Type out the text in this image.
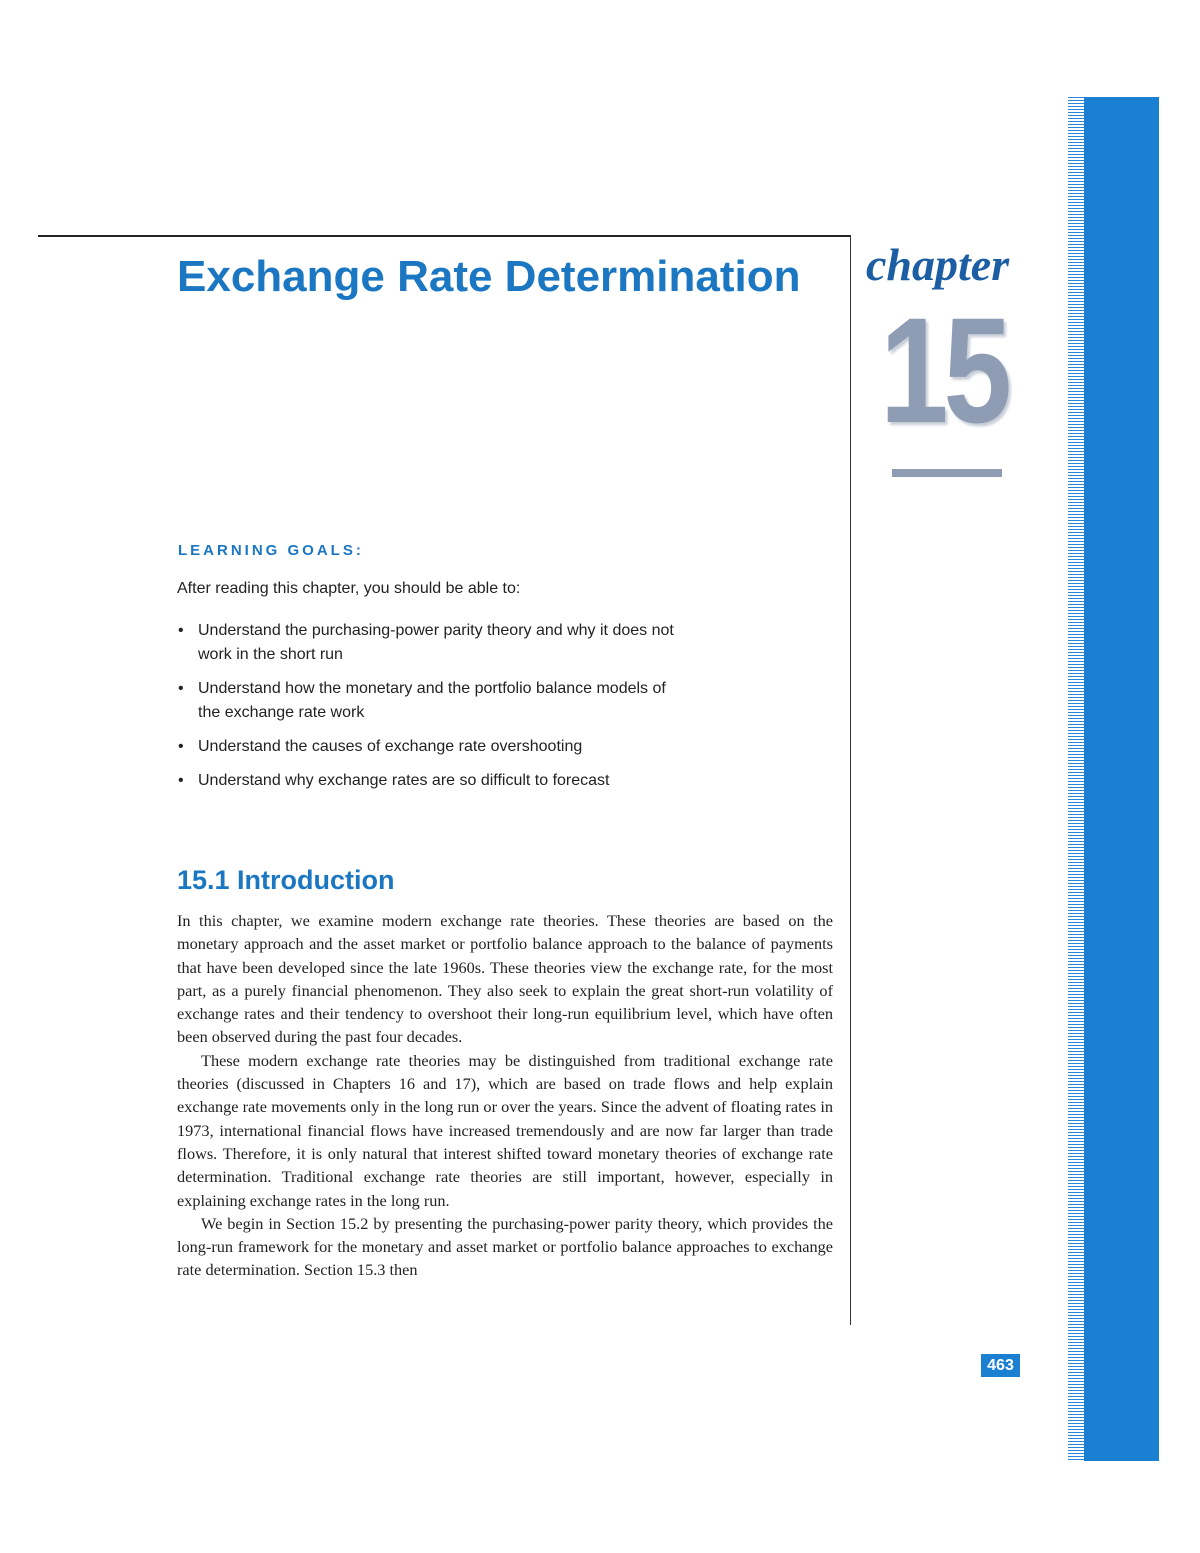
Exchange Rate Determination chapter
15
463
LEARNING GOALS:

After reading this chapter, you should be able to:

• Understand the purchasing-power parity theory and why it does not work in the short run
• Understand how the monetary and the portfolio balance models of the exchange rate work
• Understand the causes of exchange rate overshooting
• Understand why exchange rates are so difficult to forecast
15.1 Introduction

In this chapter, we examine modern exchange rate theories. These theories are based on the monetary approach and the asset market or portfolio balance approach to the balance of payments that have been developed since the late 1960s. These theories view the exchange rate, for the most part, as a purely financial phenomenon. They also seek to explain the great short-run volatility of exchange rates and their tendency to overshoot their long-run equilibrium level, which have often been observed during the past four decades.

These modern exchange rate theories may be distinguished from traditional exchange rate theories (discussed in Chapters 16 and 17), which are based on trade flows and help explain exchange rate movements only in the long run or over the years. Since the advent of floating rates in 1973, international financial flows have increased tremendously and are now far larger than trade flows. Therefore, it is only natural that interest shifted toward monetary theories of exchange rate determination. Traditional exchange rate theories are still important, however, especially in explaining exchange rates in the long run.

We begin in Section 15.2 by presenting the purchasing-power parity theory, which provides the long-run framework for the monetary and asset market or portfolio balance approaches to exchange rate determination. Section 15.3 then
